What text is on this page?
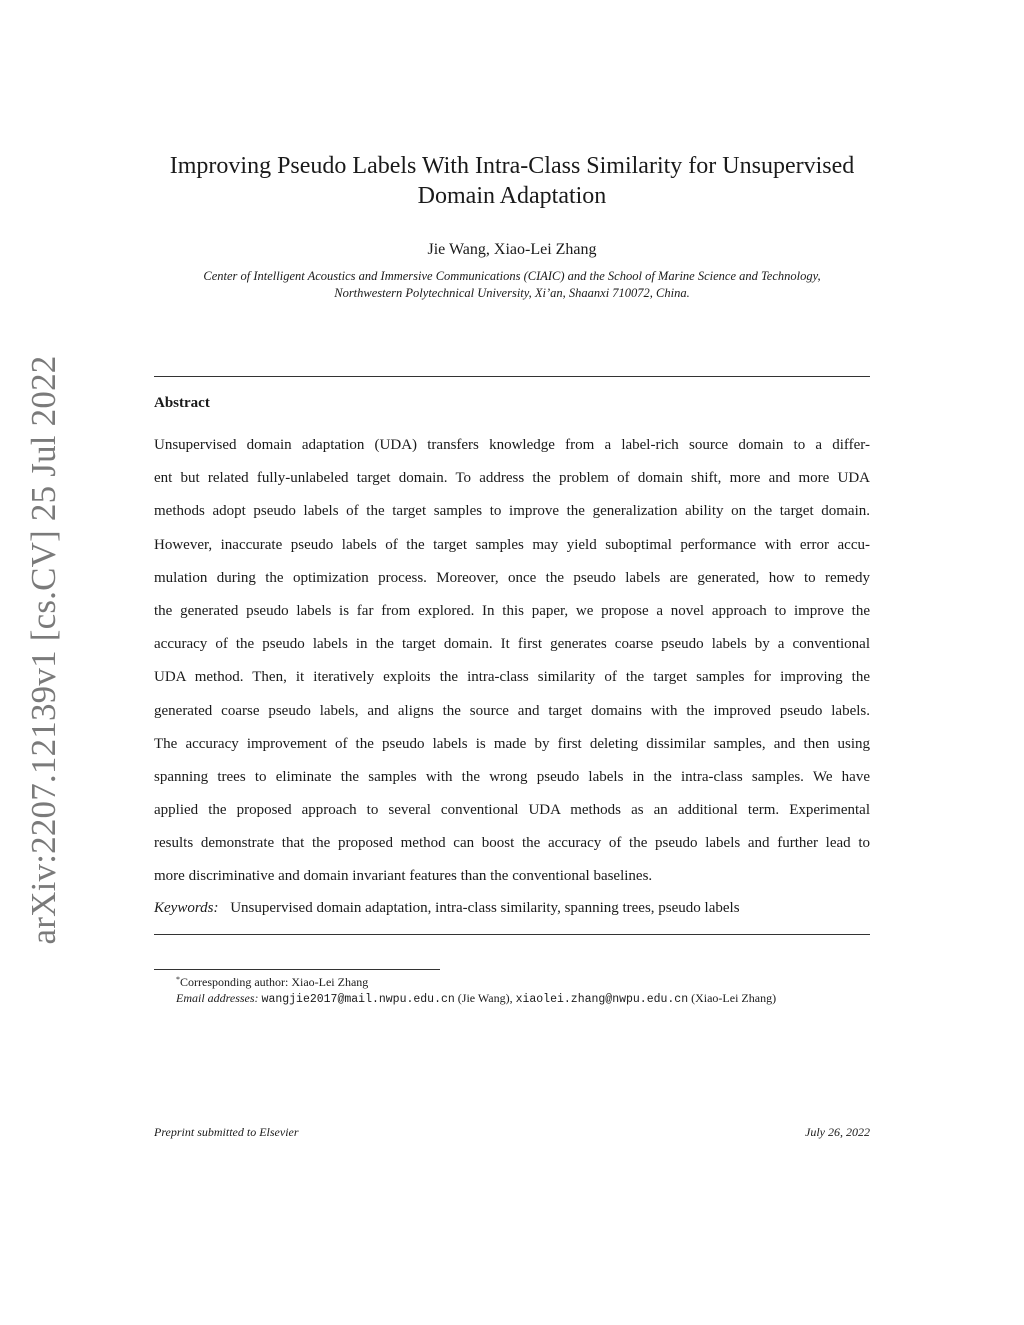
arXiv:2207.12139v1 [cs.CV] 25 Jul 2022
Improving Pseudo Labels With Intra-Class Similarity for Unsupervised
Domain Adaptation
Jie Wang, Xiao-Lei Zhang
Center of Intelligent Acoustics and Immersive Communications (CIAIC) and the School of Marine Science and Technology,
Northwestern Polytechnical University, Xi’an, Shaanxi 710072, China.
Abstract
Unsupervised domain adaptation (UDA) transfers knowledge from a label-rich source domain to a differ-
ent but related fully-unlabeled target domain. To address the problem of domain shift, more and more UDA
methods adopt pseudo labels of the target samples to improve the generalization ability on the target domain.
However, inaccurate pseudo labels of the target samples may yield suboptimal performance with error accu-
mulation during the optimization process. Moreover, once the pseudo labels are generated, how to remedy
the generated pseudo labels is far from explored. In this paper, we propose a novel approach to improve the
accuracy of the pseudo labels in the target domain. It first generates coarse pseudo labels by a conventional
UDA method. Then, it iteratively exploits the intra-class similarity of the target samples for improving the
generated coarse pseudo labels, and aligns the source and target domains with the improved pseudo labels.
The accuracy improvement of the pseudo labels is made by first deleting dissimilar samples, and then using
spanning trees to eliminate the samples with the wrong pseudo labels in the intra-class samples. We have
applied the proposed approach to several conventional UDA methods as an additional term. Experimental
results demonstrate that the proposed method can boost the accuracy of the pseudo labels and further lead to
more discriminative and domain invariant features than the conventional baselines.
Keywords: Unsupervised domain adaptation, intra-class similarity, spanning trees, pseudo labels
*Corresponding author: Xiao-Lei Zhang
Email addresses: wangjie2017@mail.nwpu.edu.cn (Jie Wang), xiaolei.zhang@nwpu.edu.cn (Xiao-Lei Zhang)
Preprint submitted to Elsevier	July 26, 2022
